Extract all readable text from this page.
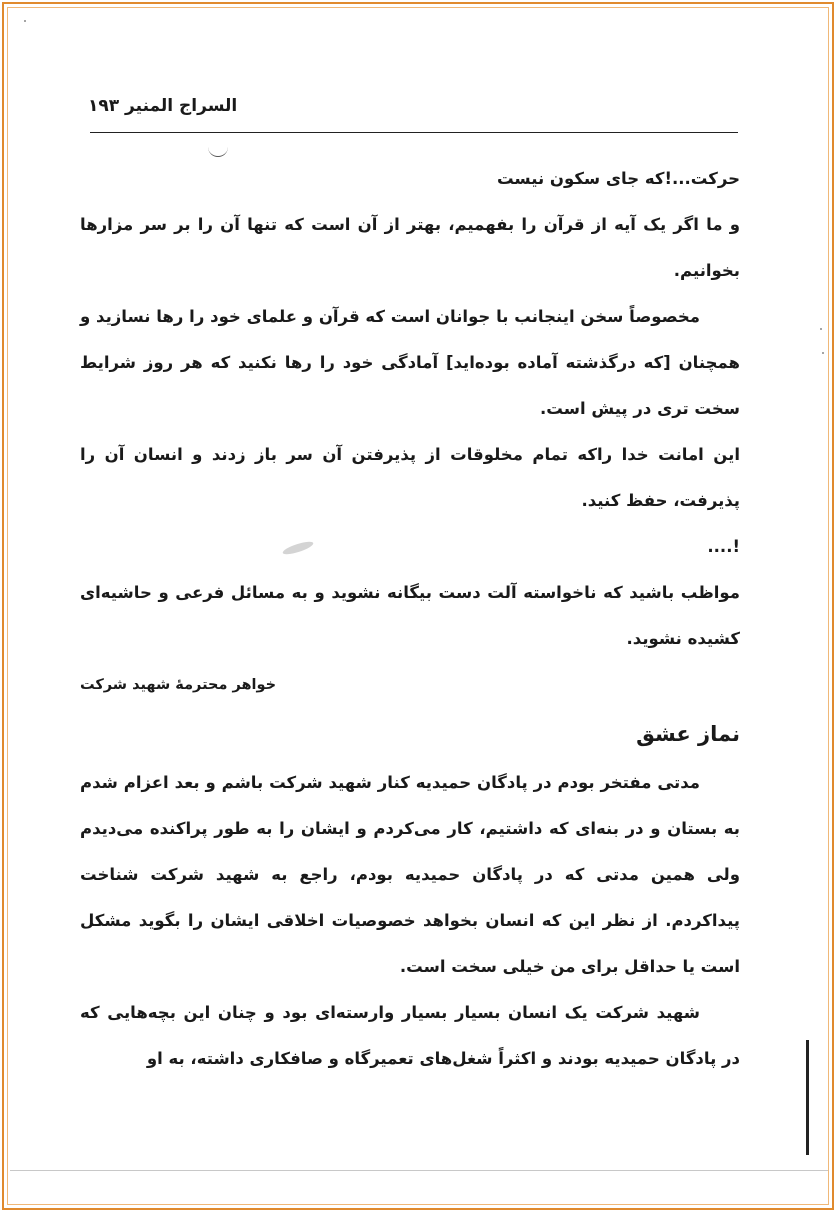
السراج المنیر ۱۹۳

حرکت...!که جای سکون نیست

و ما اگر یک آیه از قرآن را بفهمیم، بهتر از آن است که تنها آن را بر سر مزارها بخوانیم.

مخصوصاً سخن اینجانب با جوانان است که قرآن و علمای خود را رها نسازید و همچنان [که درگذشته آماده بوده‌اید] آمادگی خود را رها نکنید که هر روز شرایط سخت تری در پیش است.

این امانت خدا راکه تمام مخلوقات از پذیرفتن آن سر باز زدند و انسان آن را پذیرفت، حفظ کنید.

!....

مواظب باشید که ناخواسته آلت دست بیگانه نشوید و به مسائل فرعی و حاشیه‌ای کشیده نشوید.

خواهر محترمهٔ شهید شرکت

نماز عشق

مدتی مفتخر بودم در پادگان حمیدیه کنار شهید شرکت باشم و بعد اعزام شدم به بستان و در بنه‌ای که داشتیم، کار می‌کردم و ایشان را به طور پراکنده می‌دیدم ولی همین مدتی که در پادگان حمیدیه بودم، راجع به شهید شرکت شناخت پیداکردم. از نظر این که انسان بخواهد خصوصیات اخلاقی ایشان را بگوید مشکل است یا حداقل برای من خیلی سخت است.

شهید شرکت یک انسان بسیار بسیار وارسته‌ای بود و چنان این بچه‌هایی که در پادگان حمیدیه بودند و اکثراً شغل‌های تعمیرگاه و صافکاری داشته، به او
